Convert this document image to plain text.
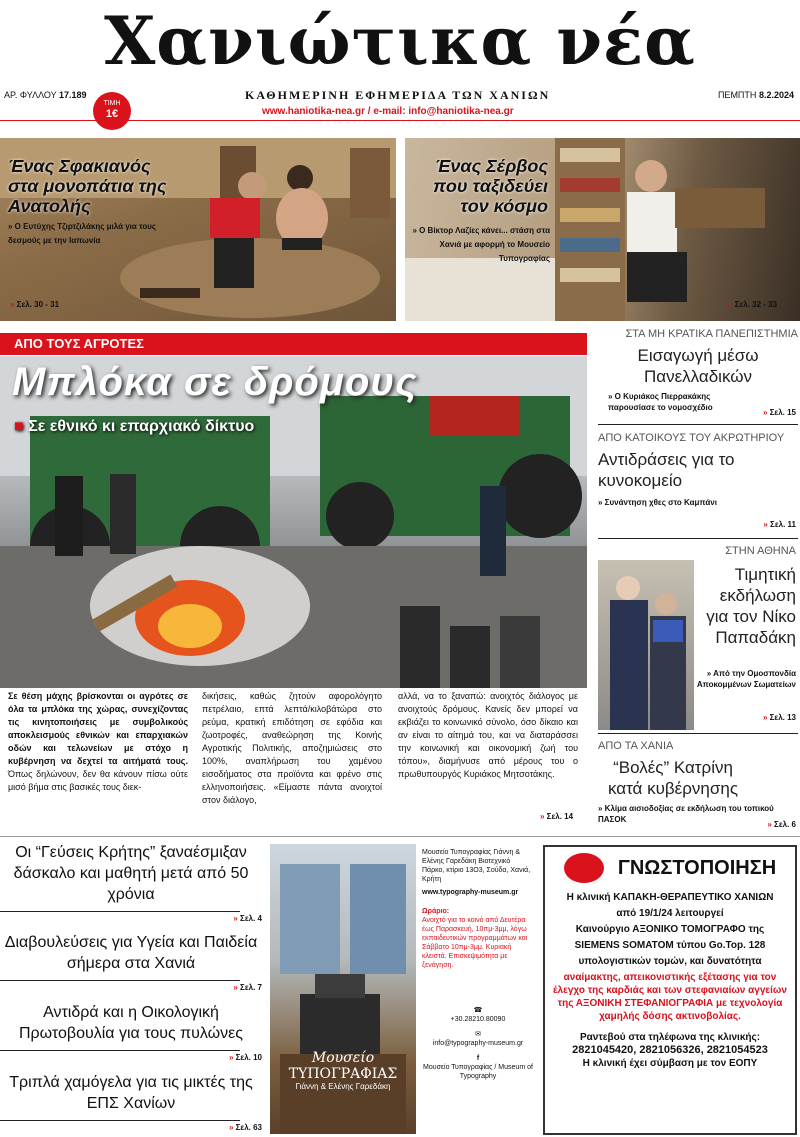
Χανιώτικα νέα
ΑΡ. ΦΥΛΛΟΥ 17.189
ΤΙΜΗ
1€
ΚΑΘΗΜΕΡΙΝΗ ΕΦΗΜΕΡΙΔΑ ΤΩΝ ΧΑΝΙΩΝ	ΠΕΜΠΤΗ 8.2.2024
www.haniotika-nea.gr / e-mail: info@haniotika-nea.gr
Ένας Σφακιανός στα μονοπάτια της Ανατολής
» Ο Ευτύχης Τζιρτζιλάκης μιλά για τους δεσμούς με την Ιαπωνία
» Σελ. 30 - 31
Ένας Σέρβος που ταξιδεύει τον κόσμο
» Ο Βίκτορ Λαζίες κάνει... στάση στα Χανιά με αφορμή το Μουσείο Τυπογραφίας
» Σελ. 32 - 33
ΑΠΟ ΤΟΥΣ ΑΓΡΟΤΕΣ
Μπλόκα σε δρόμους
■ Σε εθνικό κι επαρχιακό δίκτυο
Σε θέση μάχης βρίσκονται οι αγρότες σε όλα τα μπλόκα της χώρας, συνεχίζοντας τις κινητοποιήσεις με συμβολικούς αποκλεισμούς εθνικών και επαρχιακών οδών και τελωνείων με στόχο η κυβέρνηση να δεχτεί τα αιτήματά τους. Όπως δηλώνουν, δεν θα κάνουν πίσω ούτε μισό βήμα στις βασικές τους διεκ-
δικήσεις, καθώς ζητούν αφορολόγητο πετρέλαιο, επτά λεπτά/κιλοβάτώρα στο ρεύμα, κρατική επιδότηση σε εφόδια και ζωοτροφές, αναθεώρηση της Κοινής Αγροτικής Πολιτικής, αποζημιώσεις στο 100%, αναπλήρωση του χαμένου εισοδήματος στα προϊόντα και φρένο στις ελληνοποιήσεις. «Είμαστε πάντα ανοιχτοί στον διάλογο,
αλλά, να το ξαναπώ: ανοιχτός διάλογος με ανοιχτούς δρόμους. Κανείς δεν μπορεί να εκβιάζει το κοινωνικό σύνολο, όσο δίκαιο και αν είναι το αίτημά του, και να διαταράσσει την κοινωνική και οικονομική ζωή του τόπου», διαμήνυσε από μέρους του ο πρωθυπουργός Κυριάκος Μητσοτάκης.
» Σελ. 14
ΣΤΑ ΜΗ ΚΡΑΤΙΚΑ ΠΑΝΕΠΙΣΤΗΜΙΑ
Εισαγωγή μέσω Πανελλαδικών
» Ο Κυριάκος Πιερρακάκης παρουσίασε το νομοσχέδιο
» Σελ. 15
ΑΠΟ ΚΑΤΟΙΚΟΥΣ ΤΟΥ ΑΚΡΩΤΗΡΙΟΥ
Αντιδράσεις για το κυνοκομείο
» Συνάντηση χθες στο Καμπάνι
» Σελ. 11
ΣΤΗΝ ΑΘΗΝΑ
Τιμητική εκδήλωση για τον Νίκο Παπαδάκη
» Από την Ομοσπονδία Αποκομμένων Σωματείων
» Σελ. 13
ΑΠΟ ΤΑ ΧΑΝΙΑ
“Βολές” Κατρίνη κατά κυβέρνησης
» Κλίμα αισιοδοξίας σε εκδήλωση του τοπικού ΠΑΣΟΚ
» Σελ. 6
Οι “Γεύσεις Κρήτης” ξαναέσμιξαν δάσκαλο και μαθητή μετά από 50 χρόνια
» Σελ. 4
Διαβουλεύσεις για Υγεία και Παιδεία σήμερα στα Χανιά
» Σελ. 7
Αντιδρά και η Οικολογική Πρωτοβουλία για τους πυλώνες
» Σελ. 10
Τριπλά χαμόγελα για τις μικτές της ΕΠΣ Χανίων
» Σελ. 63
Μουσείο
ΤΥΠΟΓΡΑΦΙΑΣ
Γιάννη & Ελένης Γαρεδάκη
Μουσείο Τυπογραφίας Γιάννη & Ελένης Γαρεδάκη Βιοτεχνικό Πάρκο, κτίριο 13Ο3, Σούδα, Χανιά, Κρήτη
www.typography-museum.gr
Ωράριο:
Ανοιχτό για το κοινό από Δευτέρα έως Παρασκευή, 10πμ-3μμ, λόγω εκπαιδευτικών προγραμμάτων και Σάββατο 10πμ-3μμ. Κυριακή κλειστά. Επισκεψιμότητα με ξενάγηση.
☎
+30.28210.80090
✉
info@typography-museum.gr
f
Μουσείο Τυπογραφίας / Museum of Typography
ΓΝΩΣΤΟΠΟΙΗΣΗ
Η κλινική ΚΑΠΑΚΗ-ΘΕΡΑΠΕΥΤΙΚΟ ΧΑΝΙΩΝ
από 19/1/24 λειτουργεί
Καινούργιο ΑΞΟΝΙΚΟ ΤΟΜΟΓΡΑΦΟ της
SIEMENS SOMATOM τύπου Go.Top. 128
υπολογιστικών τομών, και δυνατότητα
αναίμακτης, απεικονιστικής εξέτασης για τον έλεγχο της καρδιάς και των στεφανιαίων αγγείων της ΑΞΟΝΙΚΗ ΣΤΕΦΑΝΙΟΓΡΑΦΙΑ με τεχνολογία χαμηλής δόσης ακτινοβολίας.
Ραντεβού στα τηλέφωνα της κλινικής:
2821045420, 2821056326, 2821054523
Η κλινική έχει σύμβαση με τον ΕΟΠΥ
